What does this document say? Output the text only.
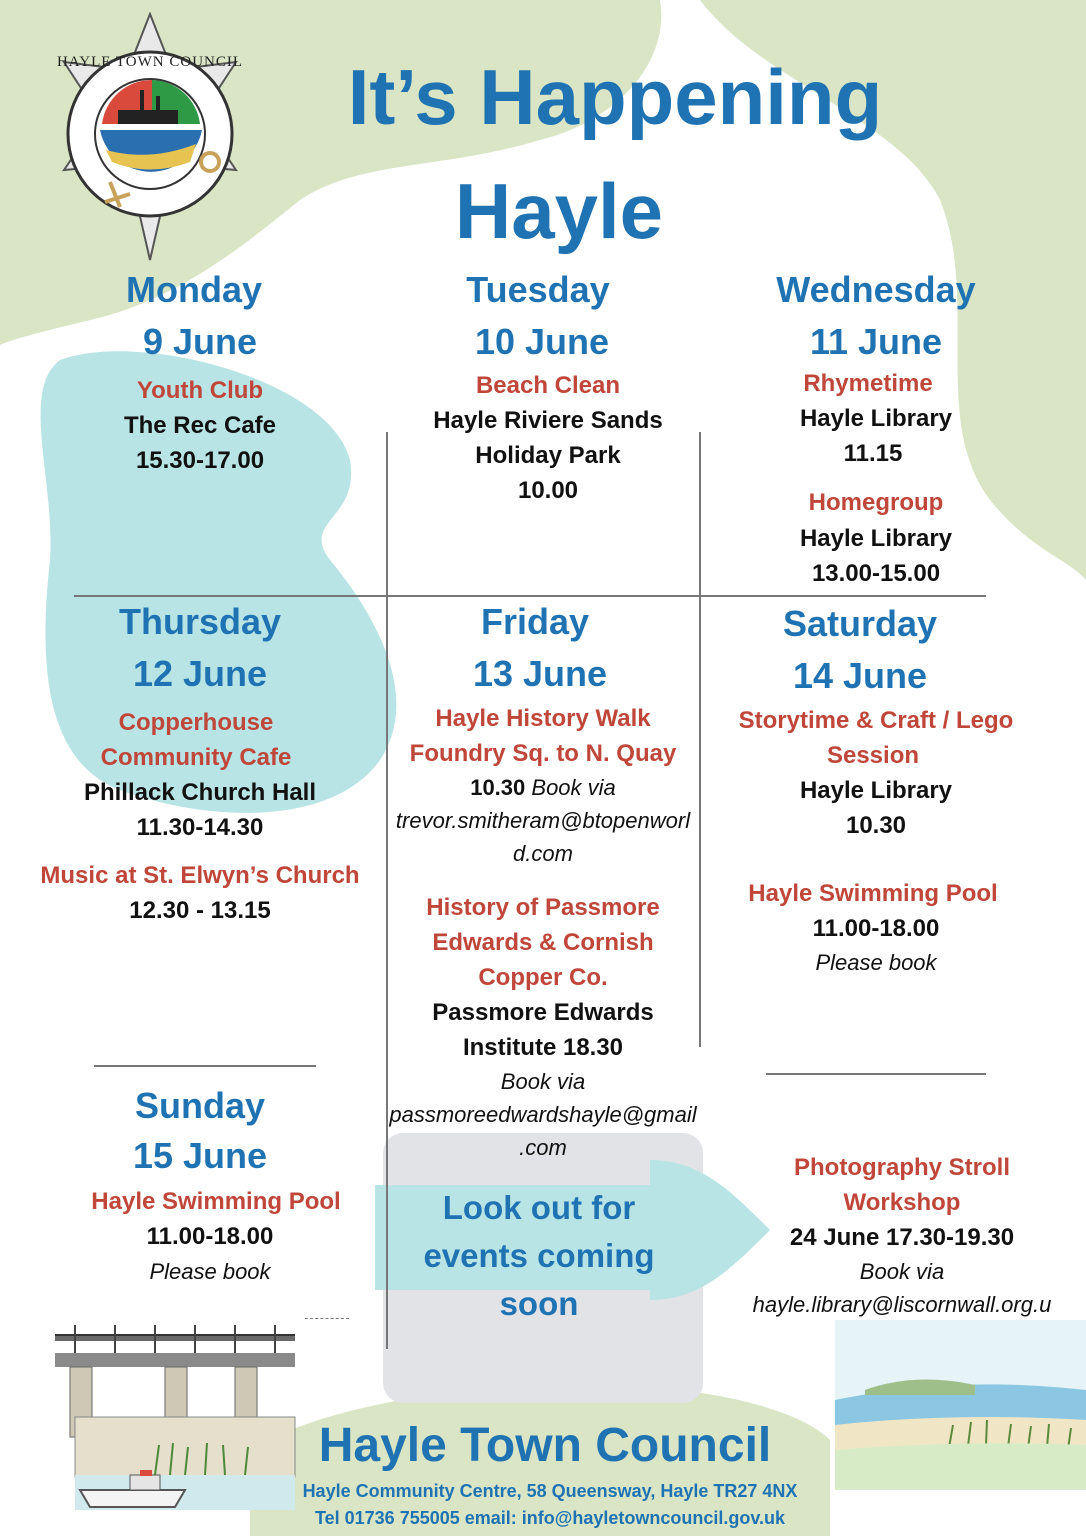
HAYLE TOWN COUNCIL	It’s Happening
Hayle
Monday
9 June
Youth Club
The Rec Cafe
15.30-17.00
Tuesday
10 June
Beach Clean
Hayle Riviere Sands
Holiday Park
10.00
Wednesday
11 June
Rhymetime
Hayle Library
11.15
Homegroup
Hayle Library
13.00-15.00
Thursday
12 June
Copperhouse
Community Cafe
Phillack Church Hall
11.30-14.30
Music at St. Elwyn’s Church
12.30 - 13.15
Friday
13 June
Hayle History Walk
Foundry Sq. to N. Quay
10.30 Book via
trevor.smitheram@btopenworl
d.com
History of Passmore
Edwards & Cornish
Copper Co.
Passmore Edwards
Institute 18.30
Book via
passmoreedwardshayle@gmail
.com
Saturday
14 June
Storytime & Craft / Lego
Session
Hayle Library
10.30
Hayle Swimming Pool
11.00-18.00
Please book
Sunday
15 June
Hayle Swimming Pool
11.00-18.00
Please book
Look out for
events coming
soon
Photography Stroll
Workshop
24 June 17.30-19.30
Book via
hayle.library@liscornwall.org.u
Hayle Town Council
Hayle Community Centre, 58 Queensway, Hayle TR27 4NX
Tel 01736 755005 email: info@hayletowncouncil.gov.uk
